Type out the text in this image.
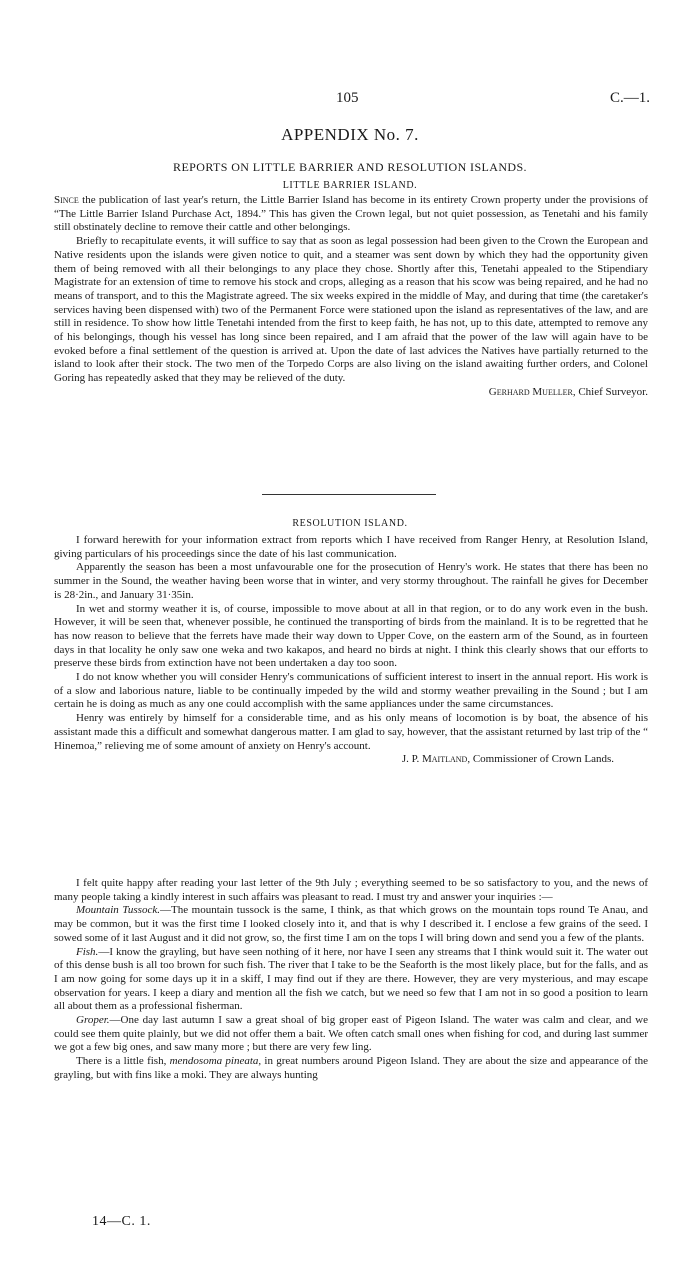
105	C.—1.
APPENDIX No. 7.
REPORTS ON LITTLE BARRIER AND RESOLUTION ISLANDS.
LITTLE BARRIER ISLAND.

Since the publication of last year's return, the Little Barrier Island has become in its entirety Crown property under the provisions of “The Little Barrier Island Purchase Act, 1894.” This has given the Crown legal, but not quiet possession, as Tenetahi and his family still obstinately decline to remove their cattle and other belongings.

Briefly to recapitulate events, it will suffice to say that as soon as legal possession had been given to the Crown the European and Native residents upon the islands were given notice to quit, and a steamer was sent down by which they had the opportunity given them of being removed with all their belongings to any place they chose. Shortly after this, Tenetahi appealed to the Stipendiary Magistrate for an extension of time to remove his stock and crops, alleging as a reason that his scow was being repaired, and he had no means of transport, and to this the Magistrate agreed. The six weeks expired in the middle of May, and during that time (the caretaker's services having been dispensed with) two of the Permanent Force were stationed upon the island as representatives of the law, and are still in residence. To show how little Tenetahi intended from the first to keep faith, he has not, up to this date, attempted to remove any of his belongings, though his vessel has long since been repaired, and I am afraid that the power of the law will again have to be evoked before a final settlement of the question is arrived at. Upon the date of last advices the Natives have partially returned to the island to look after their stock. The two men of the Torpedo Corps are also living on the island awaiting further orders, and Colonel Goring has repeatedly asked that they may be relieved of the duty.

Gerhard Mueller, Chief Surveyor.

RESOLUTION ISLAND.

I forward herewith for your information extract from reports which I have received from Ranger Henry, at Resolution Island, giving particulars of his proceedings since the date of his last communication.

Apparently the season has been a most unfavourable one for the prosecution of Henry's work. He states that there has been no summer in the Sound, the weather having been worse that in winter, and very stormy throughout. The rainfall he gives for December is 28·2in., and January 31·35in.

In wet and stormy weather it is, of course, impossible to move about at all in that region, or to do any work even in the bush. However, it will be seen that, whenever possible, he continued the transporting of birds from the mainland. It is to be regretted that he has now reason to believe that the ferrets have made their way down to Upper Cove, on the eastern arm of the Sound, as in fourteen days in that locality he only saw one weka and two kakapos, and heard no birds at night. I think this clearly shows that our efforts to preserve these birds from extinction have not been undertaken a day too soon.

I do not know whether you will consider Henry's communications of sufficient interest to insert in the annual report. His work is of a slow and laborious nature, liable to be continually impeded by the wild and stormy weather prevailing in the Sound ; but I am certain he is doing as much as any one could accomplish with the same appliances under the same circumstances.

Henry was entirely by himself for a considerable time, and as his only means of locomotion is by boat, the absence of his assistant made this a difficult and somewhat dangerous matter. I am glad to say, however, that the assistant returned by last trip of the “ Hinemoa,” relieving me of some amount of anxiety on Henry's account.

J. P. Maitland, Commissioner of Crown Lands.

I felt quite happy after reading your last letter of the 9th July ; everything seemed to be so satisfactory to you, and the news of many people taking a kindly interest in such affairs was pleasant to read. I must try and answer your inquiries :—

Mountain Tussock.—The mountain tussock is the same, I think, as that which grows on the mountain tops round Te Anau, and may be common, but it was the first time I looked closely into it, and that is why I described it. I enclose a few grains of the seed. I sowed some of it last August and it did not grow, so, the first time I am on the tops I will bring down and send you a few of the plants.

Fish.—I know the grayling, but have seen nothing of it here, nor have I seen any streams that I think would suit it. The water out of this dense bush is all too brown for such fish. The river that I take to be the Seaforth is the most likely place, but for the falls, and as I am now going for some days up it in a skiff, I may find out if they are there. However, they are very mysterious, and may escape observation for years. I keep a diary and mention all the fish we catch, but we need so few that I am not in so good a position to learn all about them as a professional fisherman.

Groper.—One day last autumn I saw a great shoal of big groper east of Pigeon Island. The water was calm and clear, and we could see them quite plainly, but we did not offer them a bait. We often catch small ones when fishing for cod, and during last summer we got a few big ones, and saw many more ; but there are very few ling.

There is a little fish, mendosoma pineata, in great numbers around Pigeon Island. They are about the size and appearance of the grayling, but with fins like a moki. They are always hunting

14—C. 1.
